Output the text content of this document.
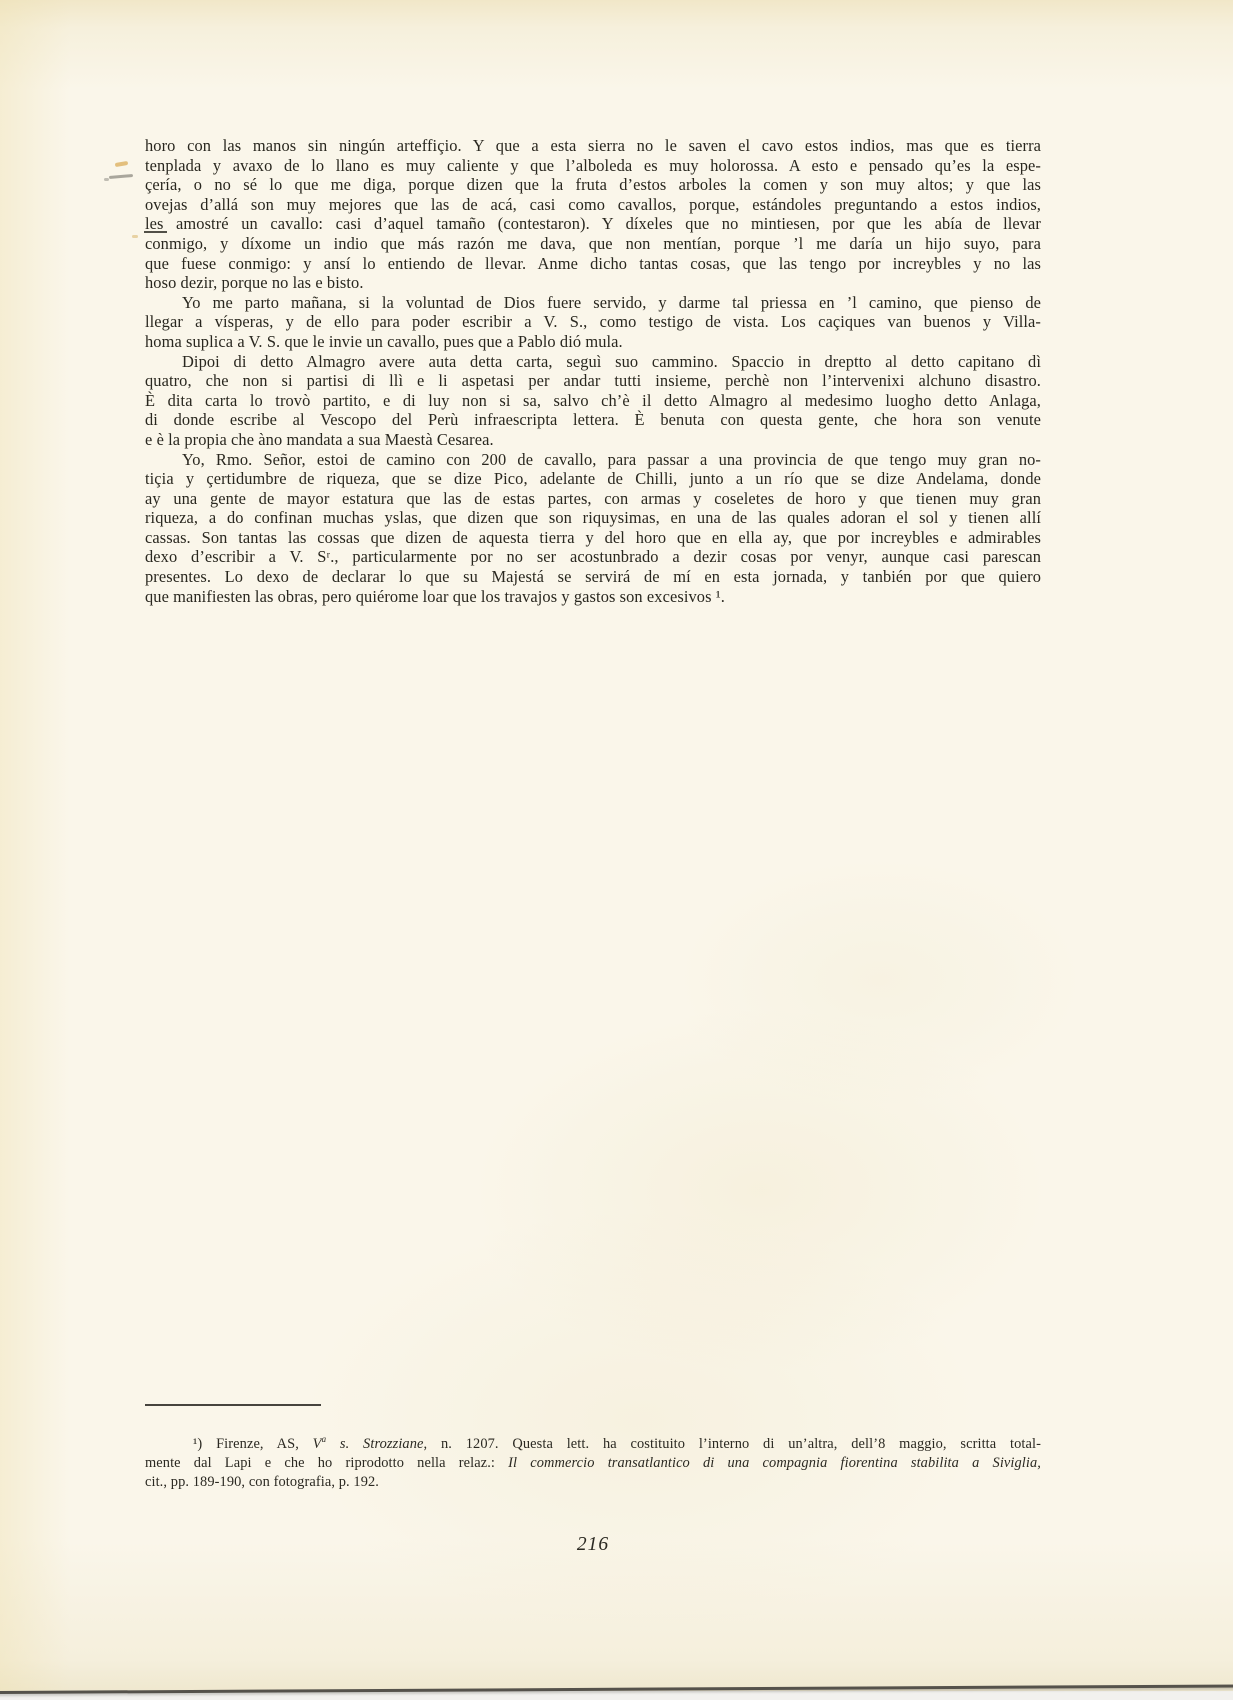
horo con las manos sin ningún arteffiçio. Y que a esta sierra no le saven el cavo estos indios, mas que es tierra
tenplada y avaxo de lo llano es muy caliente y que l’alboleda es muy holorossa. A esto e pensado qu’es la espe-
çería, o no sé lo que me diga, porque dizen que la fruta d’estos arboles la comen y son muy altos; y que las
ovejas d’allá son muy mejores que las de acá, casi como cavallos, porque, estándoles preguntando a estos indios,
les amostré un cavallo: casi d’aquel tamaño (contestaron). Y díxeles que no mintiesen, por que les abía de llevar
conmigo, y díxome un indio que más razón me dava, que non mentían, porque ’l me daría un hijo suyo, para
que fuese conmigo: y ansí lo entiendo de llevar. Anme dicho tantas cosas, que las tengo por increybles y no las
hoso dezir, porque no las e bisto.

Yo me parto mañana, si la voluntad de Dios fuere servido, y darme tal priessa en ’l camino, que pienso de
llegar a vísperas, y de ello para poder escribir a V. S., como testigo de vista. Los caçiques van buenos y Villa-
homa suplica a V. S. que le invie un cavallo, pues que a Pablo dió mula.

Dipoi di detto Almagro avere auta detta carta, seguì suo cammino. Spaccio in dreptto al detto capitano dì
quatro, che non si partisi di llì e li aspetasi per andar tutti insieme, perchè non l’intervenixi alchuno disastro.
È dita carta lo trovò partito, e di luy non si sa, salvo ch’è il detto Almagro al medesimo luogho detto Anlaga,
di donde escribe al Vescopo del Perù infraescripta lettera. È benuta con questa gente, che hora son venute
e è la propia che àno mandata a sua Maestà Cesarea.

Yo, Rmo. Señor, estoi de camino con 200 de cavallo, para passar a una provincia de que tengo muy gran no-
tiçia y çertidumbre de riqueza, que se dize Pico, adelante de Chilli, junto a un río que se dize Andelama, donde
ay una gente de mayor estatura que las de estas partes, con armas y coseletes de horo y que tienen muy gran
riqueza, a do confinan muchas yslas, que dizen que son riquysimas, en una de las quales adoran el sol y tienen allí
cassas. Son tantas las cossas que dizen de aquesta tierra y del horo que en ella ay, que por increybles e admirables
dexo d’escribir a V. Sʳ., particularmente por no ser acostunbrado a dezir cosas por venyr, aunque casi parescan
presentes. Lo dexo de declarar lo que su Majestá se servirá de mí en esta jornada, y tanbién por que quiero
que manifiesten las obras, pero quiérome loar que los travajos y gastos son excesivos ¹.

¹) Firenze, AS, $V^a$ s. Strozziane, n. 1207. Questa lett. ha costituito l’interno di un’altra, dell’8 maggio, scritta total-

mente dal Lapi e che ho riprodotto nella relaz.: Il commercio transatlantico di una compagnia fiorentina stabilita a Siviglia,

cit., pp. 189-190, con fotografia, p. 192.

216
